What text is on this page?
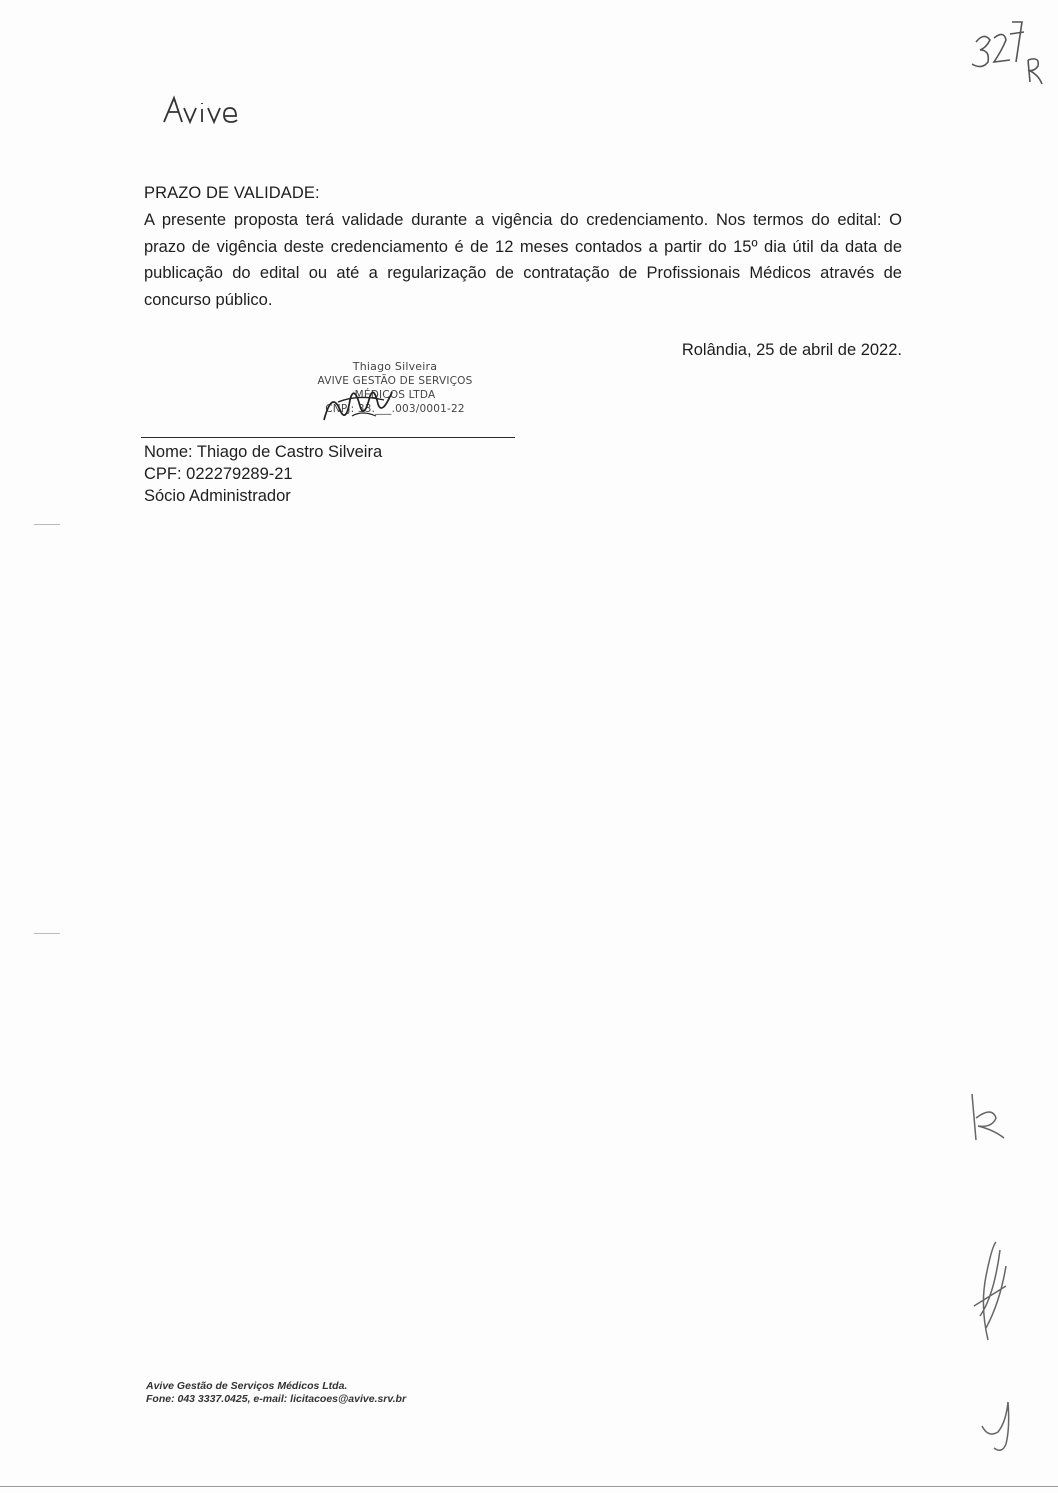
PRAZO DE VALIDADE:
A presente proposta terá validade durante a vigência do credenciamento. Nos termos do edital: O prazo de vigência deste credenciamento é de 12 meses contados a partir do 15º dia útil da data de publicação do edital ou até a regularização de contratação de Profissionais Médicos através de concurso público.
Rolândia, 25 de abril de 2022.
Thiago Silveira
AVIVE GESTÃO DE SERVIÇOS
MÉDICOS LTDA
CNPJ: 33.___.003/0001-22
Nome: Thiago de Castro Silveira
CPF: 022279289-21
Sócio Administrador
Avive Gestão de Serviços Médicos Ltda.
Fone: 043 3337.0425, e-mail: licitacoes@avive.srv.br
